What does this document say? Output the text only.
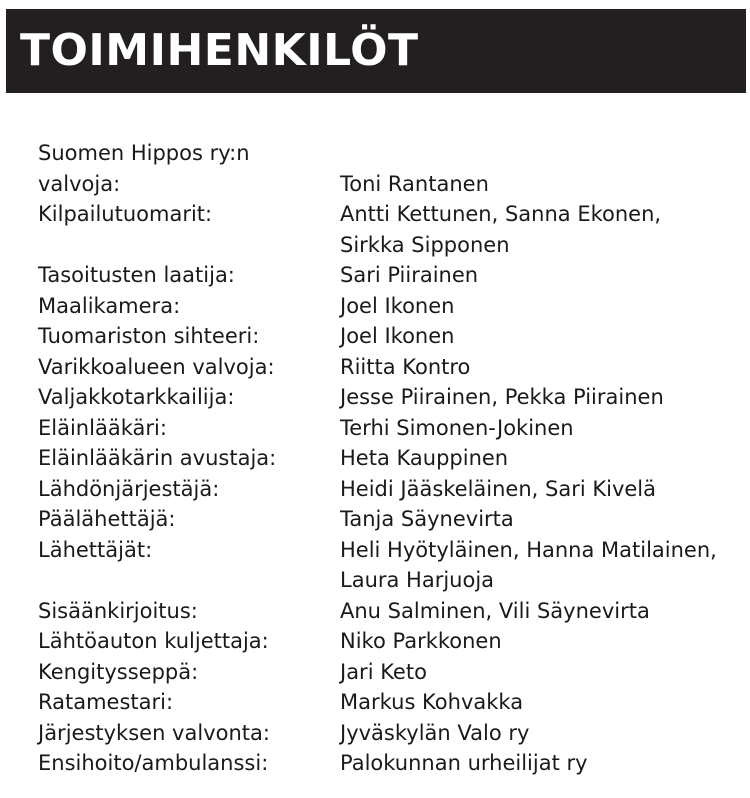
TOIMIHENKILÖT
Suomen Hippos ry:n
valvoja:
	Toni Rantanen
Kilpailutuomarit:	Antti Kettunen, Sanna Ekonen,
Sirkka Sipponen
Tasoitusten laatija:	Sari Piirainen
Maalikamera:	Joel Ikonen
Tuomariston sihteeri:	Joel Ikonen
Varikkoalueen valvoja:	Riitta Kontro
Valjakkotarkkailija:	Jesse Piirainen, Pekka Piirainen
Eläinlääkäri:	Terhi Simonen-Jokinen
Eläinlääkärin avustaja:	Heta Kauppinen
Lähdönjärjestäjä:	Heidi Jääskeläinen, Sari Kivelä
Päälähettäjä:	Tanja Säynevirta
Lähettäjät:	Heli Hyötyläinen, Hanna Matilainen,
Laura Harjuoja
Sisäänkirjoitus:	Anu Salminen, Vili Säynevirta
Lähtöauton kuljettaja:	Niko Parkkonen
Kengitysseppä:	Jari Keto
Ratamestari:	Markus Kohvakka
Järjestyksen valvonta:	Jyväskylän Valo ry
Ensihoito/ambulanssi:	Palokunnan urheilijat ry
